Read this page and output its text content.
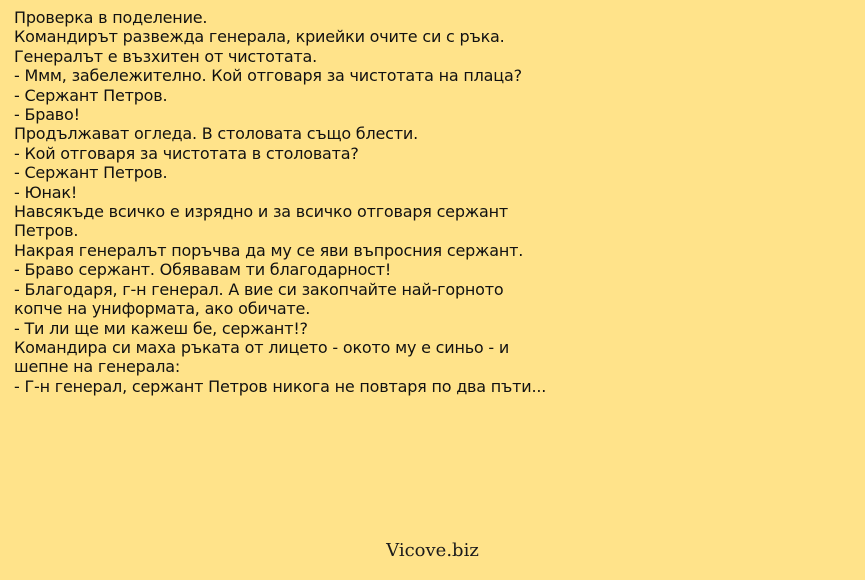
Проверка в поделение.
Командирът развежда генерала, криейки очите си с ръка.
Генералът е възхитен от чистотата.
- Ммм, забележително. Кой отговаря за чистотата на плаца?
- Сержант Петров.
- Браво!
Продължават огледа. В столовата също блести.
- Кой отговаря за чистотата в столовата?
- Сержант Петров.
- Юнак!
Навсякъде всичко е изрядно и за всичко отговаря сержант Петров.
Накрая генералът поръчва да му се яви въпросния сержант.
- Браво сержант. Обявавам ти благодарност!
- Благодаря, г-н генерал. А вие си закопчайте най-горното копче на униформата, ако обичате.
- Ти ли ще ми кажеш бе, сержант!?
Командира си маха ръката от лицето - окото му е синьо - и шепне на генерала:
- Г-н генерал, сержант Петров никога не повтаря по два пъти...
Vicove.biz
